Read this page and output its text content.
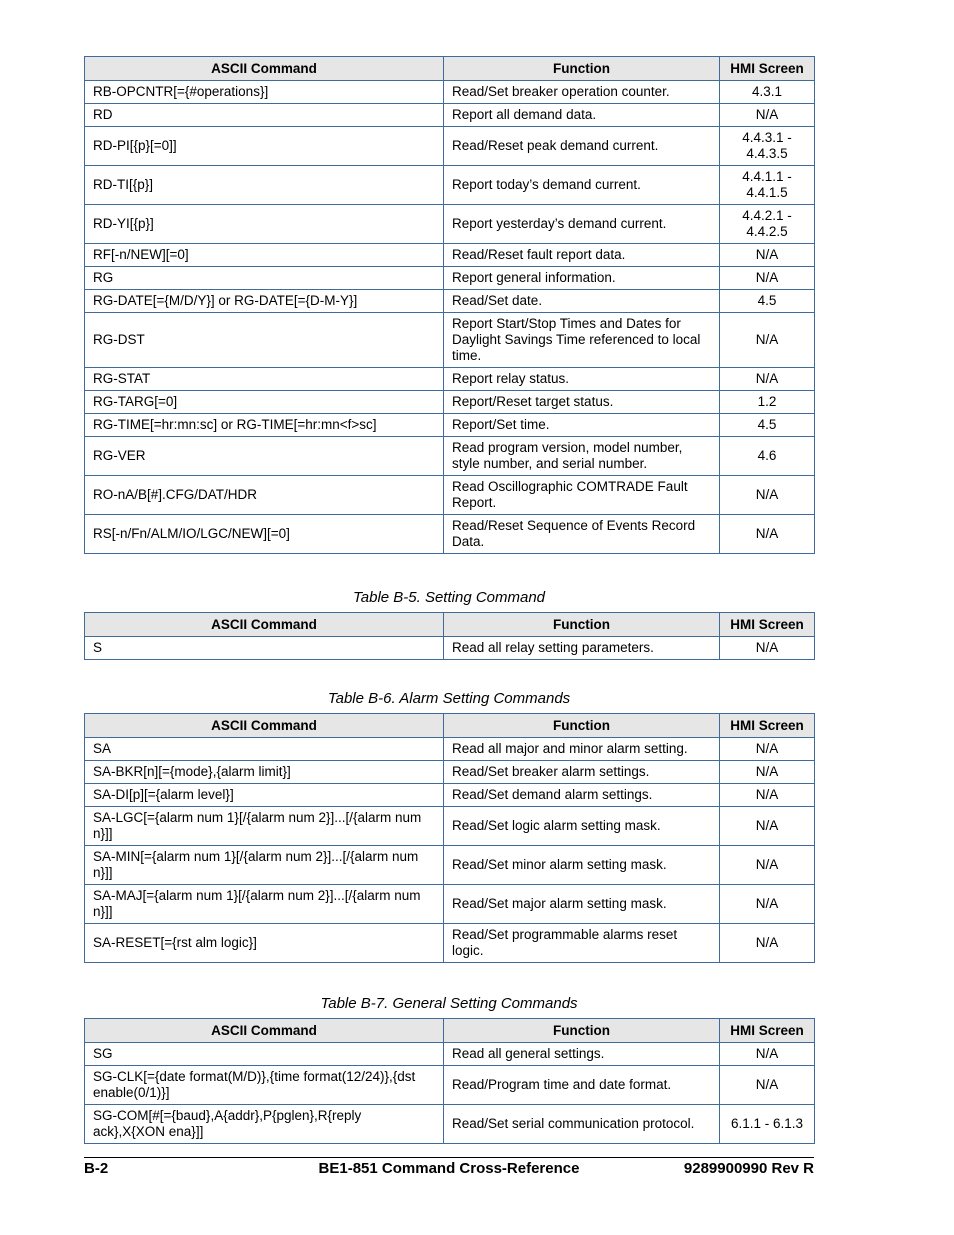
ASCII Command	Function	HMI Screen
RB-OPCNTR[={#operations}]	Read/Set breaker operation counter.	4.3.1
RD	Report all demand data.	N/A
RD-PI[{p}[=0]]	Read/Reset peak demand current.	4.4.3.1 - 4.4.3.5
RD-TI[{p}]	Report today’s demand current.	4.4.1.1 - 4.4.1.5
RD-YI[{p}]	Report yesterday’s demand current.	4.4.2.1 - 4.4.2.5
RF[-n/NEW][=0]	Read/Reset fault report data.	N/A
RG	Report general information.	N/A
RG-DATE[={M/D/Y}] or RG-DATE[={D-M-Y}]	Read/Set date.	4.5
RG-DST	Report Start/Stop Times and Dates for Daylight Savings Time referenced to local time.	N/A
RG-STAT	Report relay status.	N/A
RG-TARG[=0]	Report/Reset target status.	1.2
RG-TIME[=hr:mn:sc] or RG-TIME[=hr:mn<f>sc]	Report/Set time.	4.5
RG-VER	Read program version, model number, style number, and serial number.	4.6
RO-nA/B[#].CFG/DAT/HDR	Read Oscillographic COMTRADE Fault Report.	N/A
RS[-n/Fn/ALM/IO/LGC/NEW][=0]	Read/Reset Sequence of Events Record Data.	N/A
Table B-5. Setting Command
ASCII Command	Function	HMI Screen
S	Read all relay setting parameters.	N/A
Table B-6. Alarm Setting Commands
ASCII Command	Function	HMI Screen
SA	Read all major and minor alarm setting.	N/A
SA-BKR[n][={mode},{alarm limit}]	Read/Set breaker alarm settings.	N/A
SA-DI[p][={alarm level}]	Read/Set demand alarm settings.	N/A
SA-LGC[={alarm num 1}[/{alarm num 2}]...[/{alarm num n}]]	Read/Set logic alarm setting mask.	N/A
SA-MIN[={alarm num 1}[/{alarm num 2}]...[/{alarm num n}]]	Read/Set minor alarm setting mask.	N/A
SA-MAJ[={alarm num 1}[/{alarm num 2}]...[/{alarm num n}]]	Read/Set major alarm setting mask.	N/A
SA-RESET[={rst alm logic}]	Read/Set programmable alarms reset logic.	N/A
Table B-7. General Setting Commands
ASCII Command	Function	HMI Screen
SG	Read all general settings.	N/A
SG-CLK[={date format(M/D)},{time format(12/24)},{dst enable(0/1)}]	Read/Program time and date format.	N/A
SG-COM[#[={baud},A{addr},P{pglen},R{reply ack},X{XON ena}]]	Read/Set serial communication protocol.	6.1.1 - 6.1.3
B-2	BE1-851 Command Cross-Reference	9289900990 Rev R
